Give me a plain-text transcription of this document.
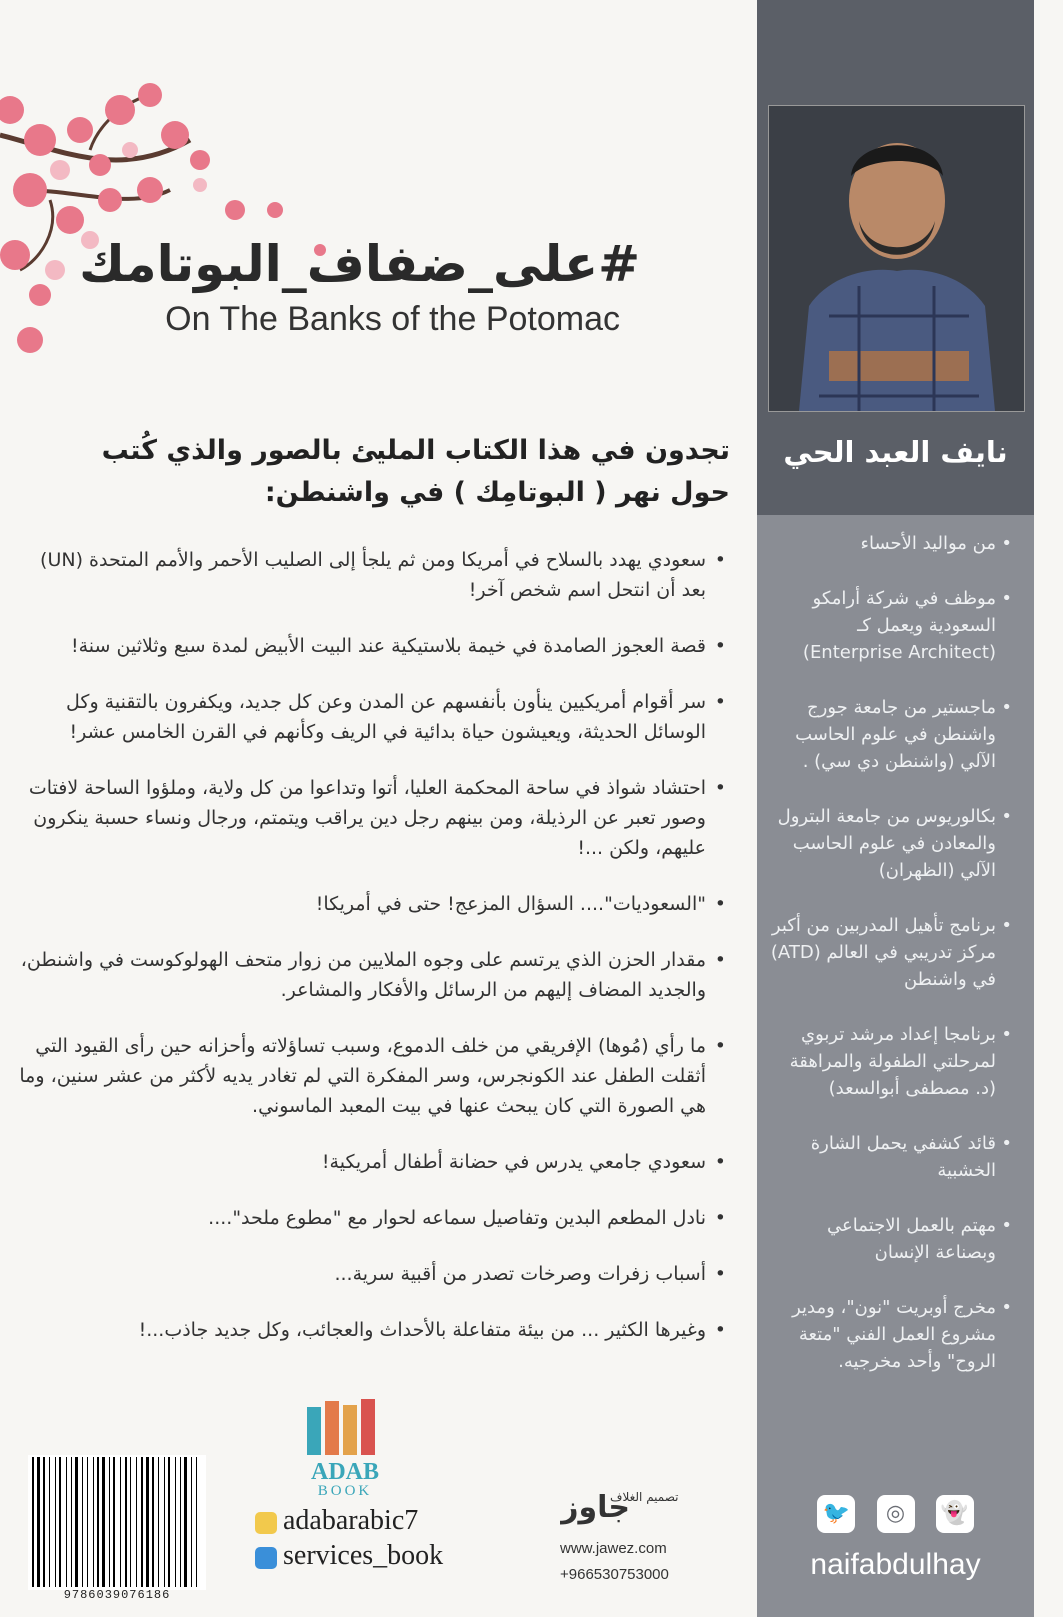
#على_ضفاف_البوتامك
On The Banks of the Potomac
تجدون في هذا الكتاب المليئ بالصور والذي كُتب حول نهر ( البوتامِك ) في واشنطن:
• سعودي يهدد بالسلاح في أمريكا ومن ثم يلجأ إلى الصليب الأحمر والأمم المتحدة (UN) بعد أن انتحل اسم شخص آخر!
• قصة العجوز الصامدة في خيمة بلاستيكية عند البيت الأبيض لمدة سبع وثلاثين سنة!
• سر أقوام أمريكيين ينأون بأنفسهم عن المدن وعن كل جديد، ويكفرون بالتقنية وكل الوسائل الحديثة، ويعيشون حياة بدائية في الريف وكأنهم في القرن الخامس عشر!
• احتشاد شواذ في ساحة المحكمة العليا، أتوا وتداعوا من كل ولاية، وملؤوا الساحة لافتات وصور تعبر عن الرذيلة، ومن بينهم رجل دين يراقب ويتمتم، ورجال ونساء حسبة ينكرون عليهم، ولكن ...!
• "السعوديات".... السؤال المزعج! حتى في أمريكا!
• مقدار الحزن الذي يرتسم على وجوه الملايين من زوار متحف الهولوكوست في واشنطن، والجديد المضاف إليهم من الرسائل والأفكار والمشاعر.
• ما رأي (مُوها) الإفريقي من خلف الدموع، وسبب تساؤلاته وأحزانه حين رأى القيود التي أثقلت الطفل عند الكونجرس، وسر المفكرة التي لم تغادر يديه لأكثر من عشر سنين، وما هي الصورة التي كان يبحث عنها في بيت المعبد الماسوني.
• سعودي جامعي يدرس في حضانة أطفال أمريكية!
• نادل المطعم البدين وتفاصيل سماعه لحوار مع "مطوع ملحد"....
• أسباب زفرات وصرخات تصدر من أقبية سرية...
• وغيرها الكثير ... من بيئة متفاعلة بالأحداث والعجائب، وكل جديد جاذب...!
نايف العبد الحي
• من مواليد الأحساء
• موظف في شركة أرامكو السعودية ويعمل كـ (Enterprise Architect)
• ماجستير من جامعة جورج واشنطن في علوم الحاسب الآلي (واشنطن دي سي) .
• بكالوريوس من جامعة البترول والمعادن في علوم الحاسب الآلي (الظهران)
• برنامج تأهيل المدربين من أكبر مركز تدريبي في العالم (ATD) في واشنطن
• برنامجا إعداد مرشد تربوي لمرحلتي الطفولة والمراهقة (د. مصطفى أبوالسعد)
• قائد كشفي يحمل الشارة الخشبية
• مهتم بالعمل الاجتماعي وبصناعة الإنسان
• مخرج أوبريت "نون"، ومدير مشروع العمل الفني "متعة الروح" وأحد مخرجيه.
🐦 ◎ 👻
naifabdulhay
9786039076186
ADAB
BOOK
adabarabic7
services_book
تصميم الغلاف
جاوز
www.jawez.com
+966530753000
